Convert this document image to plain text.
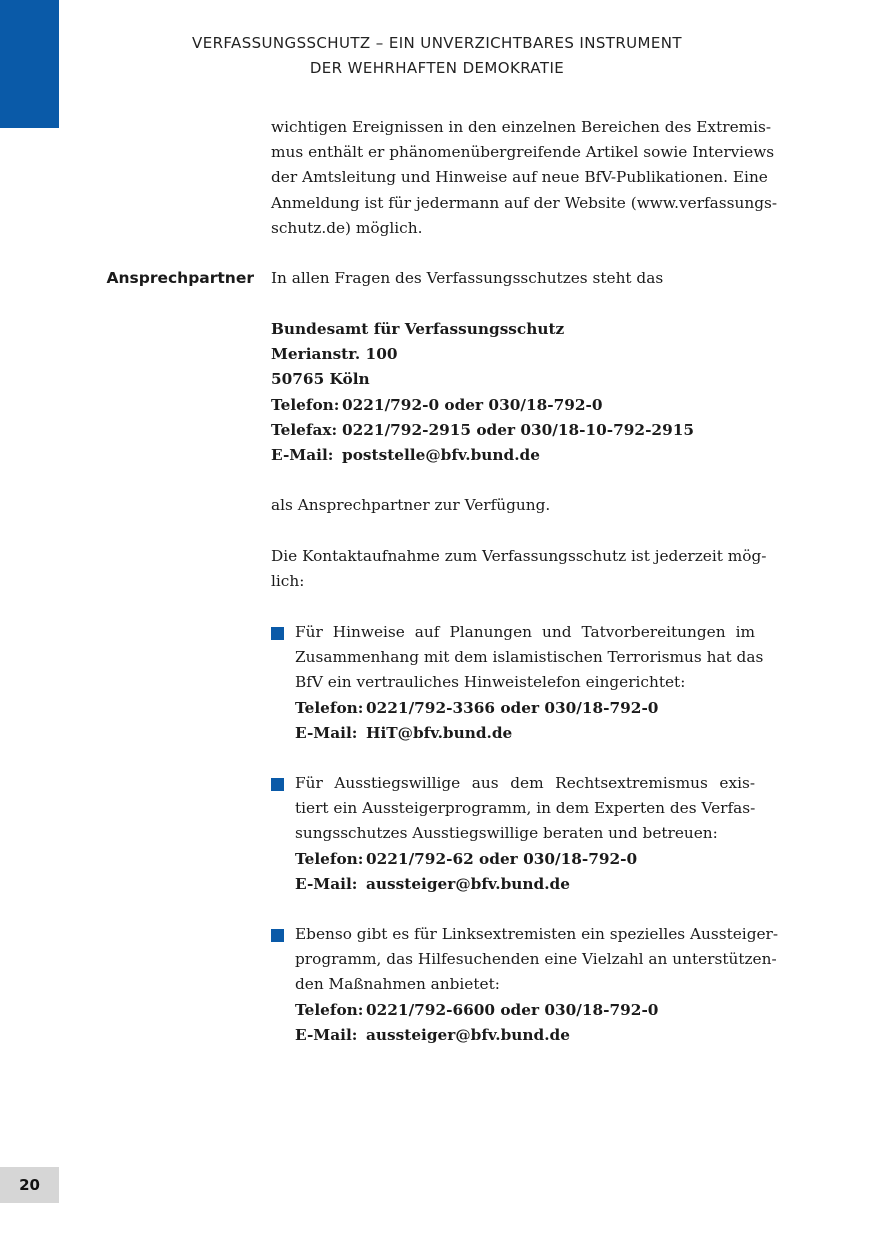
VERFASSUNGSSCHUTZ – EIN UNVERZICHTBARES INSTRUMENT
DER WEHRHAFTEN DEMOKRATIE
wichtigen Ereignissen in den einzelnen Bereichen des Extremis-
mus enthält er phänomenübergreifende Artikel sowie Interviews
der Amtsleitung und Hinweise auf neue BfV-Publikationen. Eine
Anmeldung ist für jedermann auf der Website (www.verfassungs-
schutz.de) möglich.
Ansprechpartner In allen Fragen des Verfassungsschutzes steht das
Bundesamt für Verfassungsschutz
Merianstr. 100
50765 Köln
Telefon: 0221/792-0 oder 030/18-792-0
Telefax: 0221/792-2915 oder 030/18-10-792-2915
E-Mail: poststelle@bfv.bund.de
als Ansprechpartner zur Verfügung.
Die Kontaktaufnahme zum Verfassungsschutz ist jederzeit mög-
lich:
Für Hinweise auf Planungen und Tatvorbereitungen im
Zusammenhang mit dem islamistischen Terrorismus hat das
BfV ein vertrauliches Hinweistelefon eingerichtet:
Telefon: 0221/792-3366 oder 030/18-792-0
E-Mail: HiT@bfv.bund.de
Für Ausstiegswillige aus dem Rechtsextremismus exis-
tiert ein Aussteigerprogramm, in dem Experten des Verfas-
sungsschutzes Ausstiegswillige beraten und betreuen:
Telefon: 0221/792-62 oder 030/18-792-0
E-Mail: aussteiger@bfv.bund.de
Ebenso gibt es für Linksextremisten ein spezielles Aussteiger-
programm, das Hilfesuchenden eine Vielzahl an unterstützen-
den Maßnahmen anbietet:
Telefon: 0221/792-6600 oder 030/18-792-0
E-Mail: aussteiger@bfv.bund.de
20
